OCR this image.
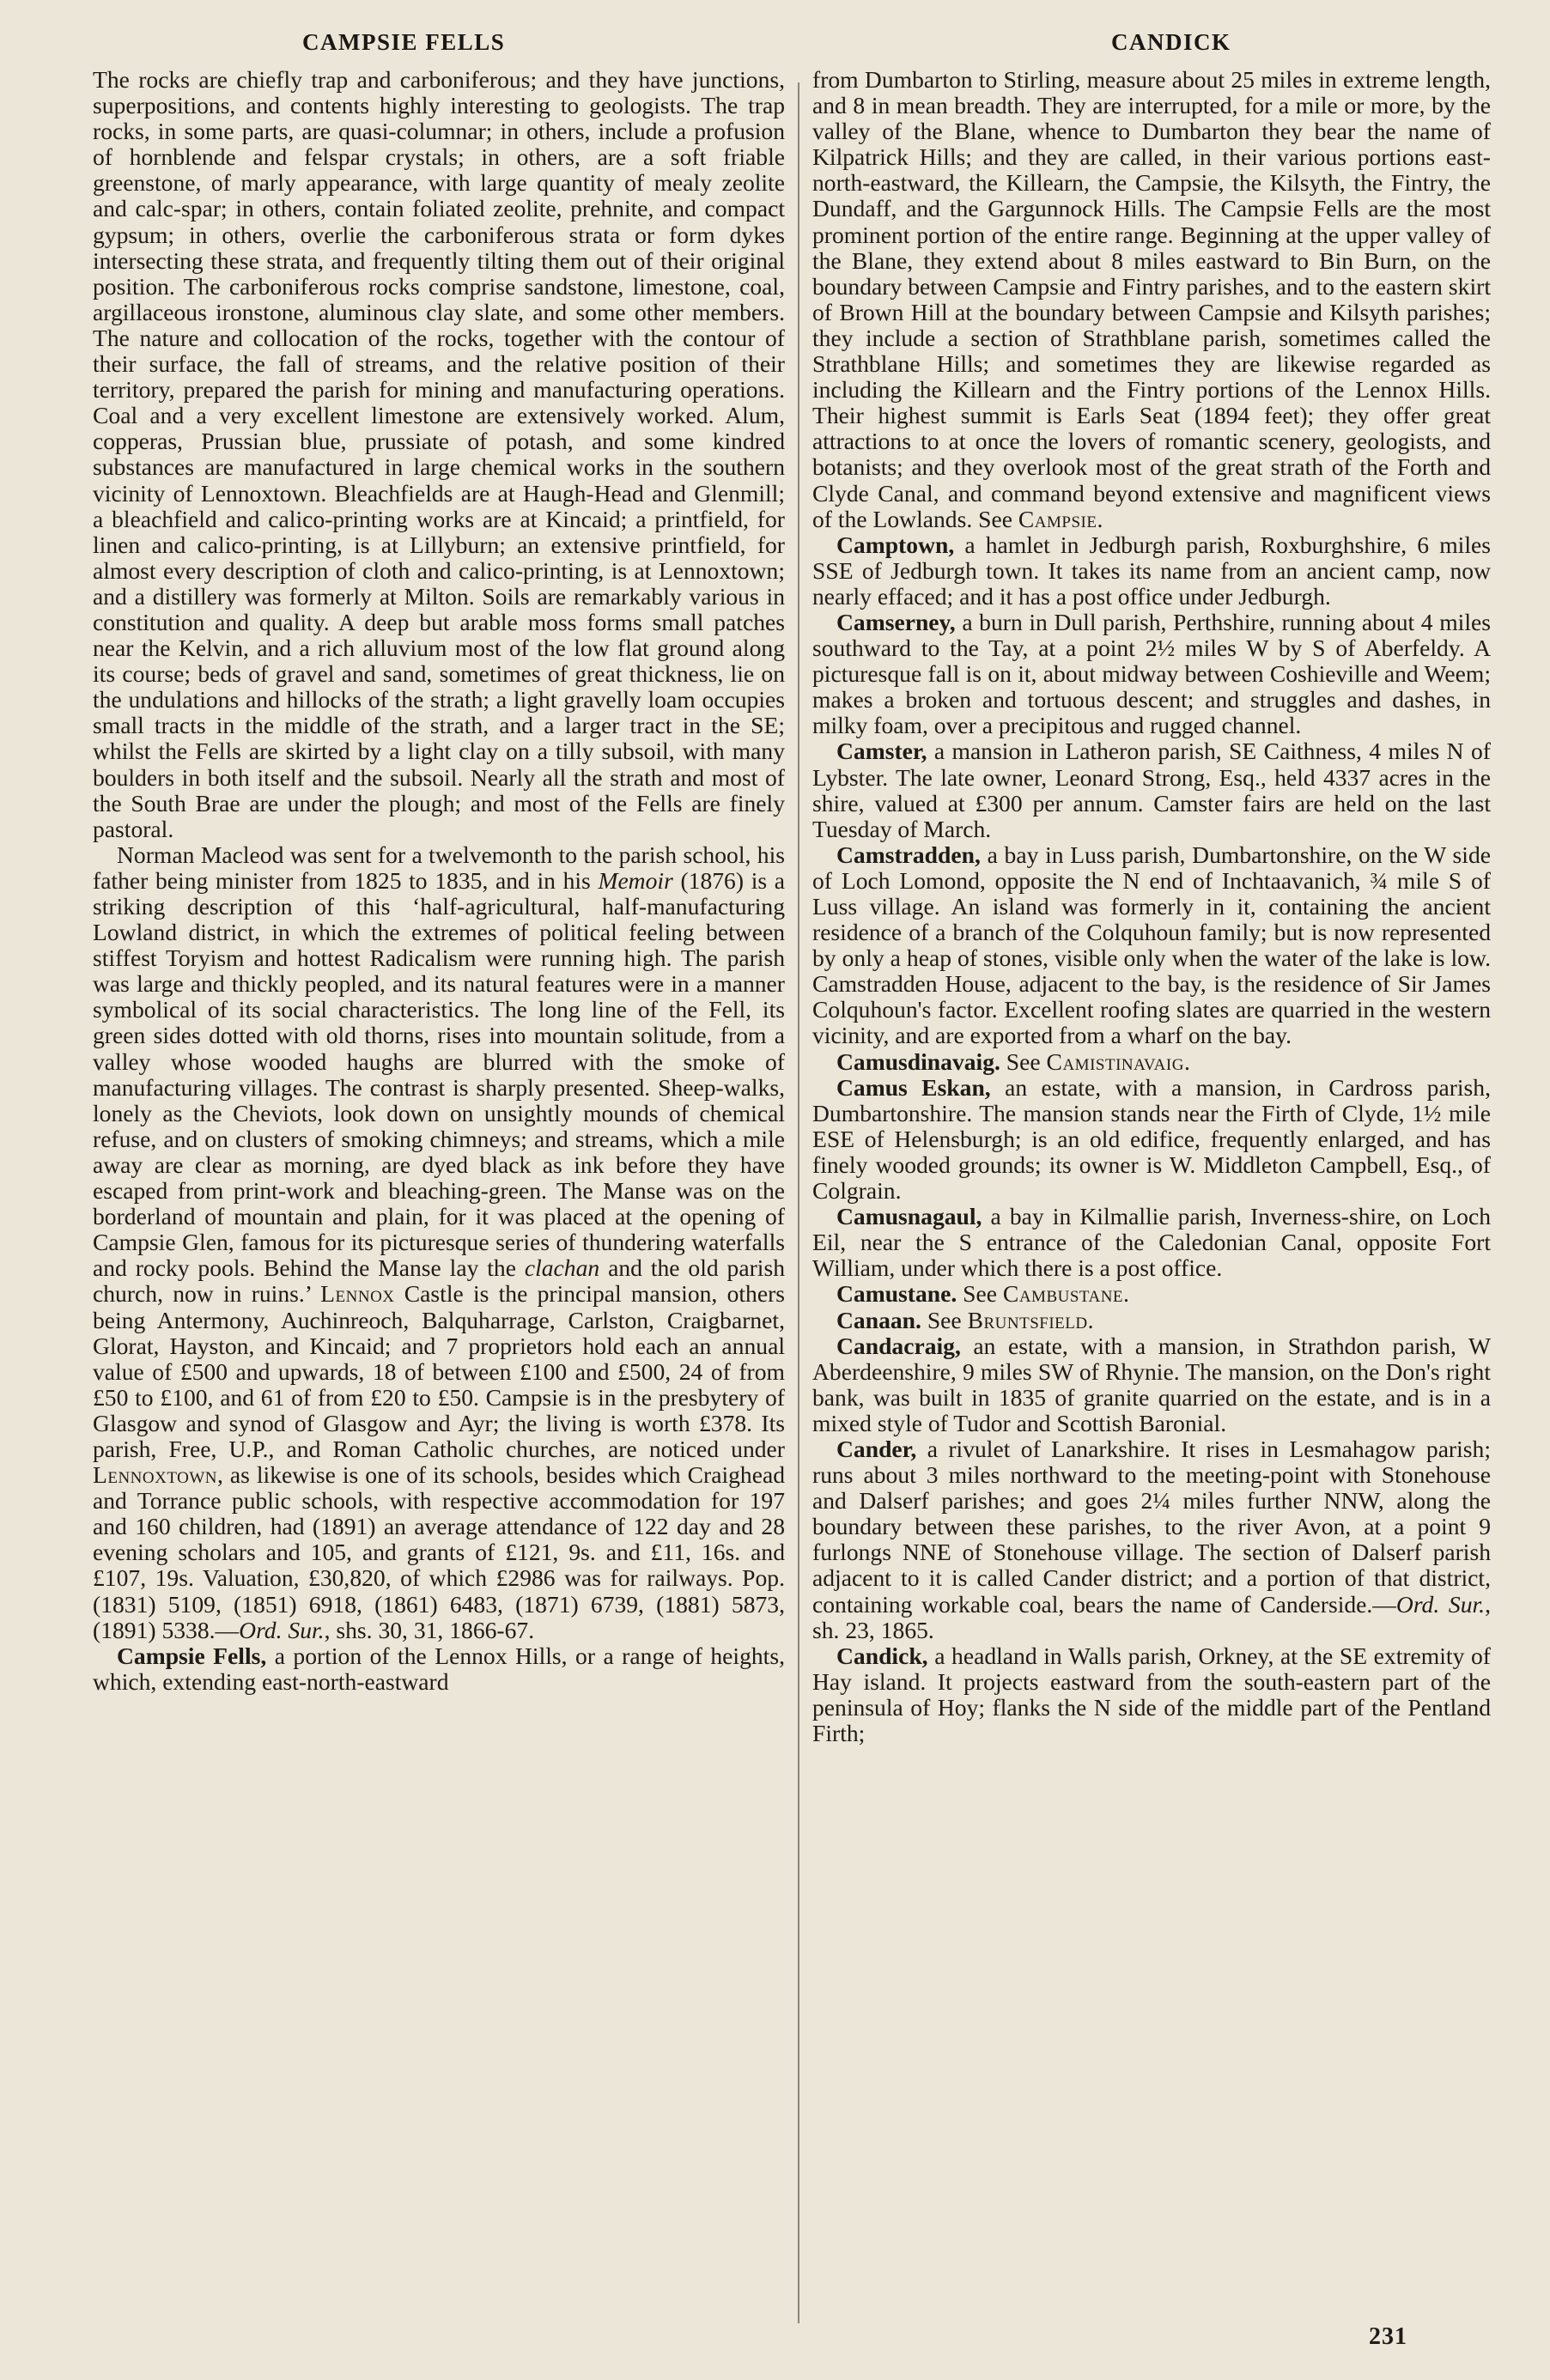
CAMPSIE FELLS	CANDICK

The rocks are chiefly trap and carboniferous; and they have junctions, superpositions, and contents highly interesting to geologists. The trap rocks, in some parts, are quasi-columnar; in others, include a profusion of hornblende and felspar crystals; in others, are a soft friable greenstone, of marly appearance, with large quantity of mealy zeolite and calc-spar; in others, contain foliated zeolite, prehnite, and compact gypsum; in others, overlie the carboniferous strata or form dykes intersecting these strata, and frequently tilting them out of their original position. The carboniferous rocks comprise sandstone, limestone, coal, argillaceous ironstone, aluminous clay slate, and some other members. The nature and collocation of the rocks, together with the contour of their surface, the fall of streams, and the relative position of their territory, prepared the parish for mining and manufacturing operations. Coal and a very excellent limestone are extensively worked. Alum, copperas, Prussian blue, prussiate of potash, and some kindred substances are manufactured in large chemical works in the southern vicinity of Lennoxtown. Bleachfields are at Haugh-Head and Glenmill; a bleachfield and calico-printing works are at Kincaid; a printfield, for linen and calico-printing, is at Lillyburn; an extensive printfield, for almost every description of cloth and calico-printing, is at Lennoxtown; and a distillery was formerly at Milton. Soils are remarkably various in constitution and quality. A deep but arable moss forms small patches near the Kelvin, and a rich alluvium most of the low flat ground along its course; beds of gravel and sand, sometimes of great thickness, lie on the undulations and hillocks of the strath; a light gravelly loam occupies small tracts in the middle of the strath, and a larger tract in the SE; whilst the Fells are skirted by a light clay on a tilly subsoil, with many boulders in both itself and the subsoil. Nearly all the strath and most of the South Brae are under the plough; and most of the Fells are finely pastoral.

Norman Macleod was sent for a twelvemonth to the parish school, his father being minister from 1825 to 1835, and in his Memoir (1876) is a striking description of this ‘half-agricultural, half-manufacturing Lowland district, in which the extremes of political feeling between stiffest Toryism and hottest Radicalism were running high. The parish was large and thickly peopled, and its natural features were in a manner symbolical of its social characteristics. The long line of the Fell, its green sides dotted with old thorns, rises into mountain solitude, from a valley whose wooded haughs are blurred with the smoke of manufacturing villages. The contrast is sharply presented. Sheep-walks, lonely as the Cheviots, look down on unsightly mounds of chemical refuse, and on clusters of smoking chimneys; and streams, which a mile away are clear as morning, are dyed black as ink before they have escaped from print-work and bleaching-green. The Manse was on the borderland of mountain and plain, for it was placed at the opening of Campsie Glen, famous for its picturesque series of thundering waterfalls and rocky pools. Behind the Manse lay the clachan and the old parish church, now in ruins.’ Lennox Castle is the principal mansion, others being Antermony, Auchinreoch, Balquharrage, Carlston, Craigbarnet, Glorat, Hayston, and Kincaid; and 7 proprietors hold each an annual value of £500 and upwards, 18 of between £100 and £500, 24 of from £50 to £100, and 61 of from £20 to £50. Campsie is in the presbytery of Glasgow and synod of Glasgow and Ayr; the living is worth £378. Its parish, Free, U.P., and Roman Catholic churches, are noticed under Lennoxtown, as likewise is one of its schools, besides which Craighead and Torrance public schools, with respective accommodation for 197 and 160 children, had (1891) an average attendance of 122 day and 28 evening scholars and 105, and grants of £121, 9s. and £11, 16s. and £107, 19s. Valuation, £30,820, of which £2986 was for railways. Pop. (1831) 5109, (1851) 6918, (1861) 6483, (1871) 6739, (1881) 5873, (1891) 5338.—Ord. Sur., shs. 30, 31, 1866-67.

Campsie Fells, a portion of the Lennox Hills, or a range of heights, which, extending east-north-eastward

from Dumbarton to Stirling, measure about 25 miles in extreme length, and 8 in mean breadth. They are interrupted, for a mile or more, by the valley of the Blane, whence to Dumbarton they bear the name of Kilpatrick Hills; and they are called, in their various portions east-north-eastward, the Killearn, the Campsie, the Kilsyth, the Fintry, the Dundaff, and the Gargunnock Hills. The Campsie Fells are the most prominent portion of the entire range. Beginning at the upper valley of the Blane, they extend about 8 miles eastward to Bin Burn, on the boundary between Campsie and Fintry parishes, and to the eastern skirt of Brown Hill at the boundary between Campsie and Kilsyth parishes; they include a section of Strathblane parish, sometimes called the Strathblane Hills; and sometimes they are likewise regarded as including the Killearn and the Fintry portions of the Lennox Hills. Their highest summit is Earls Seat (1894 feet); they offer great attractions to at once the lovers of romantic scenery, geologists, and botanists; and they overlook most of the great strath of the Forth and Clyde Canal, and command beyond extensive and magnificent views of the Lowlands. See Campsie.

Camptown, a hamlet in Jedburgh parish, Roxburghshire, 6 miles SSE of Jedburgh town. It takes its name from an ancient camp, now nearly effaced; and it has a post office under Jedburgh.

Camserney, a burn in Dull parish, Perthshire, running about 4 miles southward to the Tay, at a point 2½ miles W by S of Aberfeldy. A picturesque fall is on it, about midway between Coshieville and Weem; makes a broken and tortuous descent; and struggles and dashes, in milky foam, over a precipitous and rugged channel.

Camster, a mansion in Latheron parish, SE Caithness, 4 miles N of Lybster. The late owner, Leonard Strong, Esq., held 4337 acres in the shire, valued at £300 per annum. Camster fairs are held on the last Tuesday of March.

Camstradden, a bay in Luss parish, Dumbartonshire, on the W side of Loch Lomond, opposite the N end of Inchtaavanich, ¾ mile S of Luss village. An island was formerly in it, containing the ancient residence of a branch of the Colquhoun family; but is now represented by only a heap of stones, visible only when the water of the lake is low. Camstradden House, adjacent to the bay, is the residence of Sir James Colquhoun's factor. Excellent roofing slates are quarried in the western vicinity, and are exported from a wharf on the bay.

Camusdinavaig. See Camistinavaig.

Camus Eskan, an estate, with a mansion, in Cardross parish, Dumbartonshire. The mansion stands near the Firth of Clyde, 1½ mile ESE of Helensburgh; is an old edifice, frequently enlarged, and has finely wooded grounds; its owner is W. Middleton Campbell, Esq., of Colgrain.

Camusnagaul, a bay in Kilmallie parish, Inverness-shire, on Loch Eil, near the S entrance of the Caledonian Canal, opposite Fort William, under which there is a post office.

Camustane. See Cambustane.

Canaan. See Bruntsfield.

Candacraig, an estate, with a mansion, in Strathdon parish, W Aberdeenshire, 9 miles SW of Rhynie. The mansion, on the Don's right bank, was built in 1835 of granite quarried on the estate, and is in a mixed style of Tudor and Scottish Baronial.

Cander, a rivulet of Lanarkshire. It rises in Lesmahagow parish; runs about 3 miles northward to the meeting-point with Stonehouse and Dalserf parishes; and goes 2¼ miles further NNW, along the boundary between these parishes, to the river Avon, at a point 9 furlongs NNE of Stonehouse village. The section of Dalserf parish adjacent to it is called Cander district; and a portion of that district, containing workable coal, bears the name of Canderside.—Ord. Sur., sh. 23, 1865.

Candick, a headland in Walls parish, Orkney, at the SE extremity of Hay island. It projects eastward from the south-eastern part of the peninsula of Hoy; flanks the N side of the middle part of the Pentland Firth;

231
